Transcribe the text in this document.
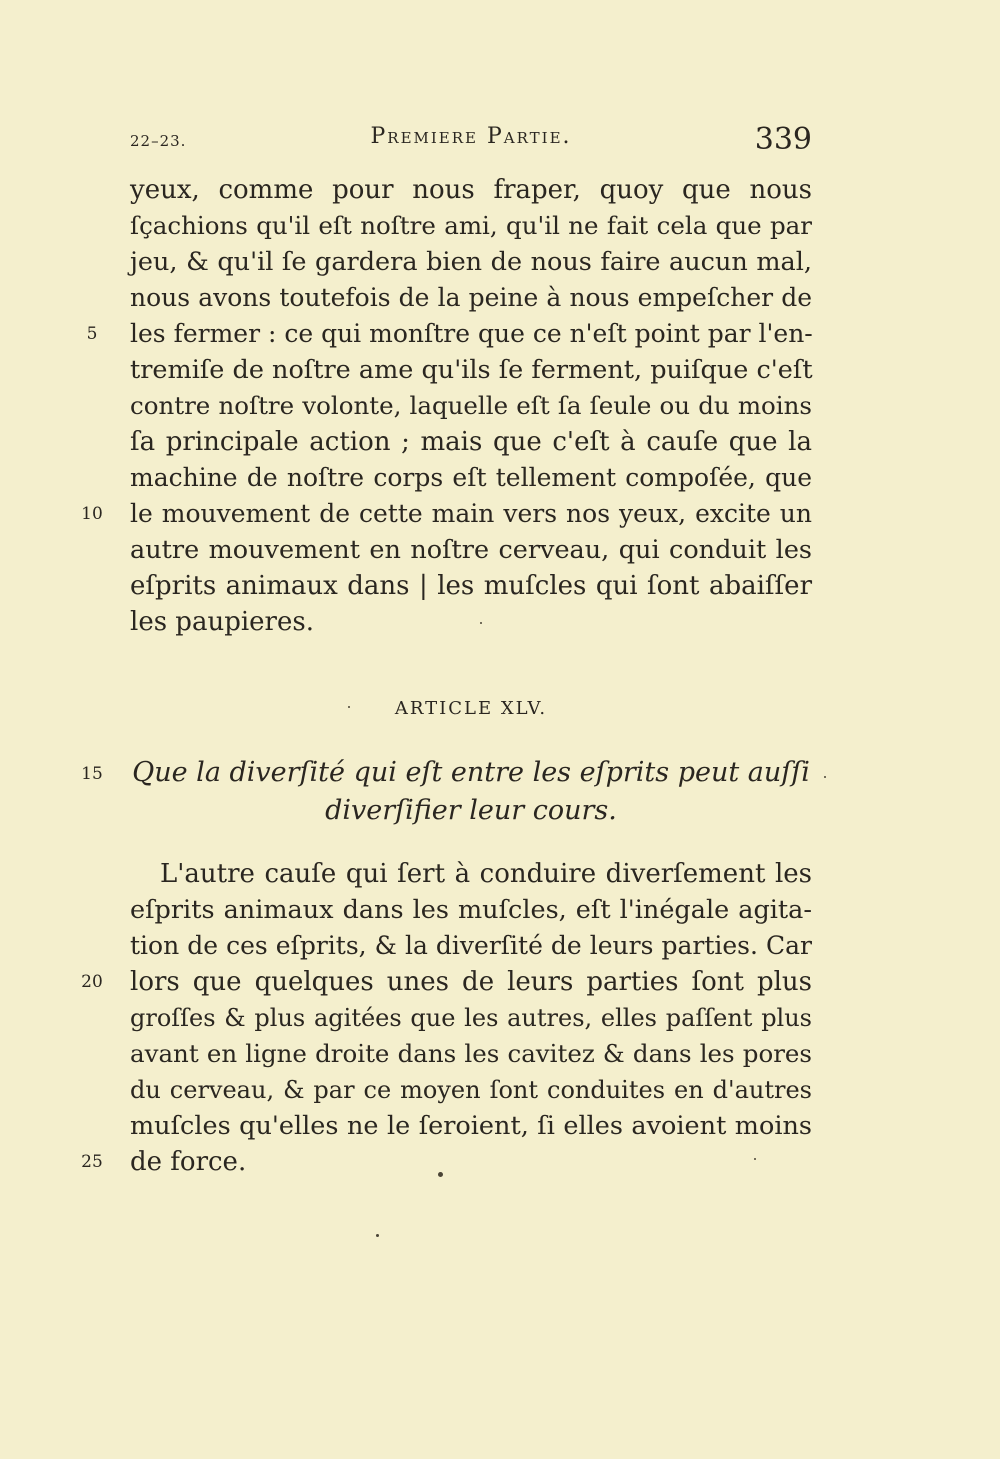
22–23.	Premiere Partie.	339
yeux, comme pour nous fraper, quoy que nous
ſçachions qu'il eſt noſtre ami, qu'il ne fait cela que par
jeu, & qu'il ſe gardera bien de nous faire aucun mal,
nous avons toutefois de la peine à nous empeſcher de
les fermer : ce qui monſtre que ce n'eſt point par l'en-
tremiſe de noſtre ame qu'ils ſe ferment, puiſque c'eſt
contre noſtre volonte, laquelle eſt ſa ſeule ou du moins
ſa principale action ; mais que c'eſt à cauſe que la
machine de noſtre corps eſt tellement compoſée, que
le mouvement de cette main vers nos yeux, excite un
autre mouvement en noſtre cerveau, qui conduit les
eſprits animaux dans | les muſcles qui ſont abaiſſer
les paupieres.
5
10
ARTICLE XLV.
Que la diverſité qui eſt entre les eſprits peut auſſi
diverſifier leur cours.
15
L'autre cauſe qui ſert à conduire diverſement les
eſprits animaux dans les muſcles, eſt l'inégale agita-
tion de ces eſprits, & la diverſité de leurs parties. Car
lors que quelques unes de leurs parties ſont plus
groſſes & plus agitées que les autres, elles paſſent plus
avant en ligne droite dans les cavitez & dans les pores
du cerveau, & par ce moyen ſont conduites en d'autres
muſcles qu'elles ne le ſeroient, ſi elles avoient moins
de force.
20
25
